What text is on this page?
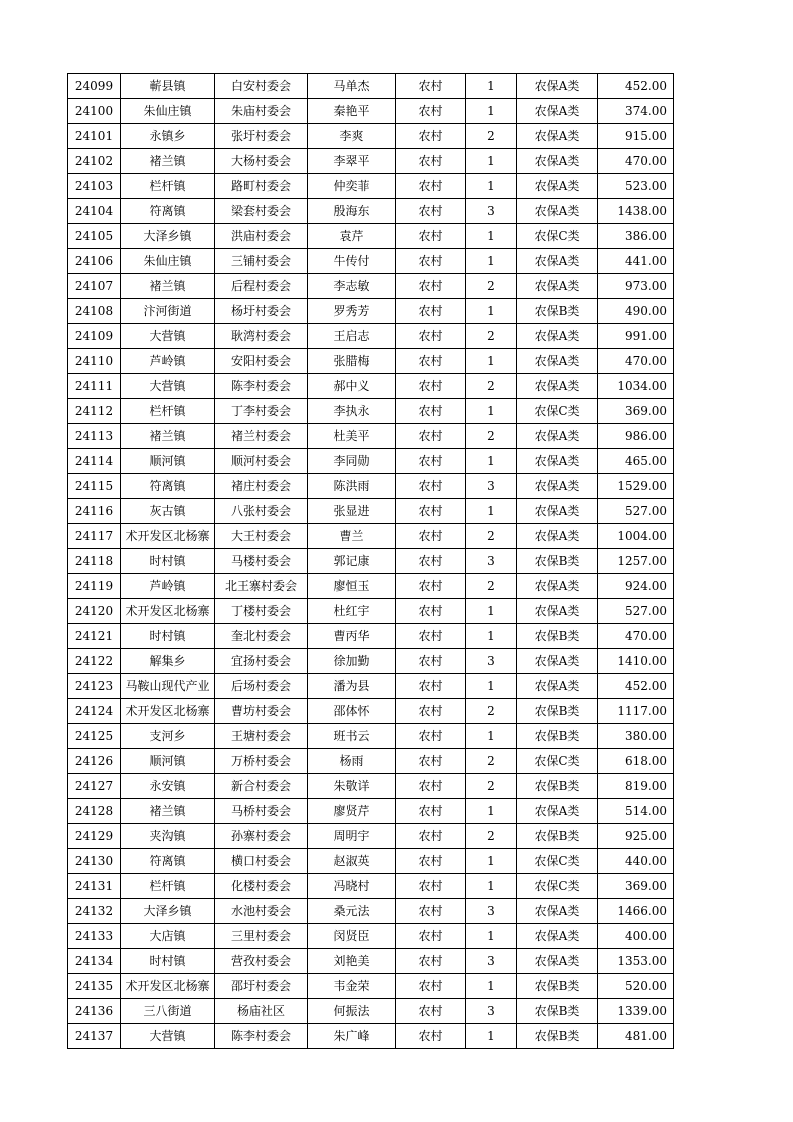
24099	蕲县镇	白安村委会	马单杰	农村	1	农保A类	452.00
24100	朱仙庄镇	朱庙村委会	秦艳平	农村	1	农保A类	374.00
24101	永镇乡	张圩村委会	李爽	农村	2	农保A类	915.00
24102	褚兰镇	大杨村委会	李翠平	农村	1	农保A类	470.00
24103	栏杆镇	路町村委会	仲奕菲	农村	1	农保A类	523.00
24104	符离镇	梁套村委会	殷海东	农村	3	农保A类	1438.00
24105	大泽乡镇	洪庙村委会	袁芹	农村	1	农保C类	386.00
24106	朱仙庄镇	三铺村委会	牛传付	农村	1	农保A类	441.00
24107	褚兰镇	后程村委会	李志敏	农村	2	农保A类	973.00
24108	汴河街道	杨圩村委会	罗秀芳	农村	1	农保B类	490.00
24109	大营镇	耿湾村委会	王启志	农村	2	农保A类	991.00
24110	芦岭镇	安阳村委会	张腊梅	农村	1	农保A类	470.00
24111	大营镇	陈李村委会	郝中义	农村	2	农保A类	1034.00
24112	栏杆镇	丁李村委会	李执永	农村	1	农保C类	369.00
24113	褚兰镇	褚兰村委会	杜美平	农村	2	农保A类	986.00
24114	顺河镇	顺河村委会	李同勋	农村	1	农保A类	465.00
24115	符离镇	褚庄村委会	陈洪雨	农村	3	农保A类	1529.00
24116	灰古镇	八张村委会	张显进	农村	1	农保A类	527.00
24117	术开发区北杨寨	大王村委会	曹兰	农村	2	农保A类	1004.00
24118	时村镇	马楼村委会	郭记康	农村	3	农保B类	1257.00
24119	芦岭镇	北王寨村委会	廖恒玉	农村	2	农保A类	924.00
24120	术开发区北杨寨	丁楼村委会	杜红宇	农村	1	农保A类	527.00
24121	时村镇	奎北村委会	曹丙华	农村	1	农保B类	470.00
24122	解集乡	宜扬村委会	徐加勤	农村	3	农保A类	1410.00
24123	马鞍山现代产业	后场村委会	潘为县	农村	1	农保A类	452.00
24124	术开发区北杨寨	曹坊村委会	邵体怀	农村	2	农保B类	1117.00
24125	支河乡	王塘村委会	班书云	农村	1	农保B类	380.00
24126	顺河镇	万桥村委会	杨雨	农村	2	农保C类	618.00
24127	永安镇	新合村委会	朱敬详	农村	2	农保B类	819.00
24128	褚兰镇	马桥村委会	廖贤芹	农村	1	农保A类	514.00
24129	夹沟镇	孙寨村委会	周明宇	农村	2	农保B类	925.00
24130	符离镇	横口村委会	赵淑英	农村	1	农保C类	440.00
24131	栏杆镇	化楼村委会	冯晓村	农村	1	农保C类	369.00
24132	大泽乡镇	水池村委会	桑元法	农村	3	农保A类	1466.00
24133	大店镇	三里村委会	闵贤臣	农村	1	农保A类	400.00
24134	时村镇	营孜村委会	刘艳美	农村	3	农保A类	1353.00
24135	术开发区北杨寨	邵圩村委会	韦金荣	农村	1	农保B类	520.00
24136	三八街道	杨庙社区	何振法	农村	3	农保B类	1339.00
24137	大营镇	陈李村委会	朱广峰	农村	1	农保B类	481.00
